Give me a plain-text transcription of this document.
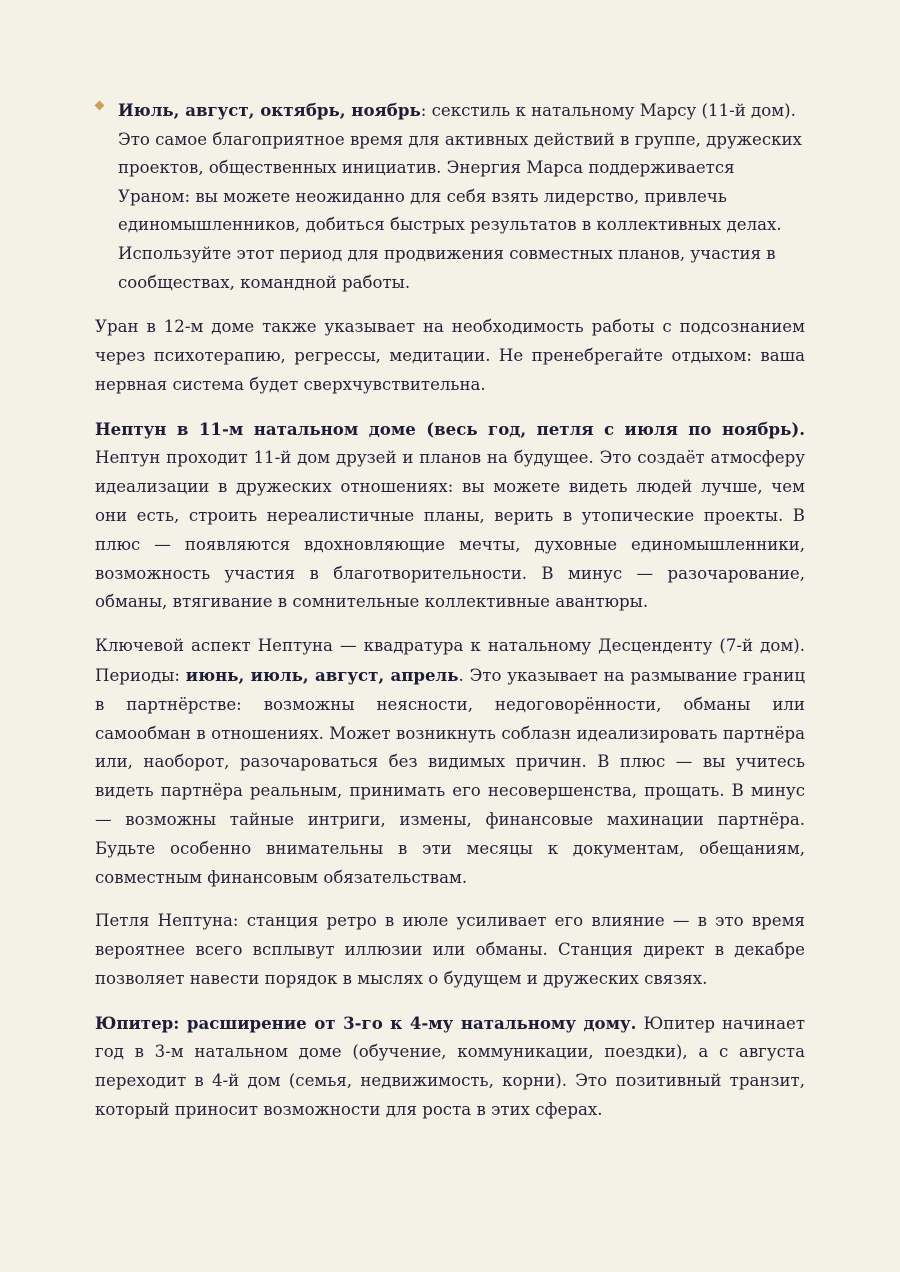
Июль, август, октябрь, ноябрь: секстиль к натальному Марсу (11-й дом). Это самое благоприятное время для активных действий в группе, дружеских проектов, общественных инициатив. Энергия Марса поддерживается Ураном: вы можете неожиданно для себя взять лидерство, привлечь единомышленников, добиться быстрых результатов в коллективных делах. Используйте этот период для продвижения совместных планов, участия в сообществах, командной работы.

Уран в 12-м доме также указывает на необходимость работы с подсознанием через психотерапию, регрессы, медитации. Не пренебрегайте отдыхом: ваша нервная система будет сверхчувствительна.

Нептун в 11-м натальном доме (весь год, петля с июля по ноябрь). Нептун проходит 11-й дом друзей и планов на будущее. Это создаёт атмосферу идеализации в дружеских отношениях: вы можете видеть людей лучше, чем они есть, строить нереалистичные планы, верить в утопические проекты. В плюс — появляются вдохновляющие мечты, духовные единомышленники, возможность участия в благотворительности. В минус — разочарование, обманы, втягивание в сомнительные коллективные авантюры.

Ключевой аспект Нептуна — квадратура к натальному Десценденту (7-й дом). Периоды: июнь, июль, август, апрель. Это указывает на размывание границ в партнёрстве: возможны неясности, недоговорённости, обманы или самообман в отношениях. Может возникнуть соблазн идеализировать партнёра или, наоборот, разочароваться без видимых причин. В плюс — вы учитесь видеть партнёра реальным, принимать его несовершенства, прощать. В минус — возможны тайные интриги, измены, финансовые махинации партнёра. Будьте особенно внимательны в эти месяцы к документам, обещаниям, совместным финансовым обязательствам.

Петля Нептуна: станция ретро в июле усиливает его влияние — в это время вероятнее всего всплывут иллюзии или обманы. Станция директ в декабре позволяет навести порядок в мыслях о будущем и дружеских связях.

Юпитер: расширение от 3-го к 4-му натальному дому. Юпитер начинает год в 3-м натальном доме (обучение, коммуникации, поездки), а с августа переходит в 4-й дом (семья, недвижимость, корни). Это позитивный транзит, который приносит возможности для роста в этих сферах.
